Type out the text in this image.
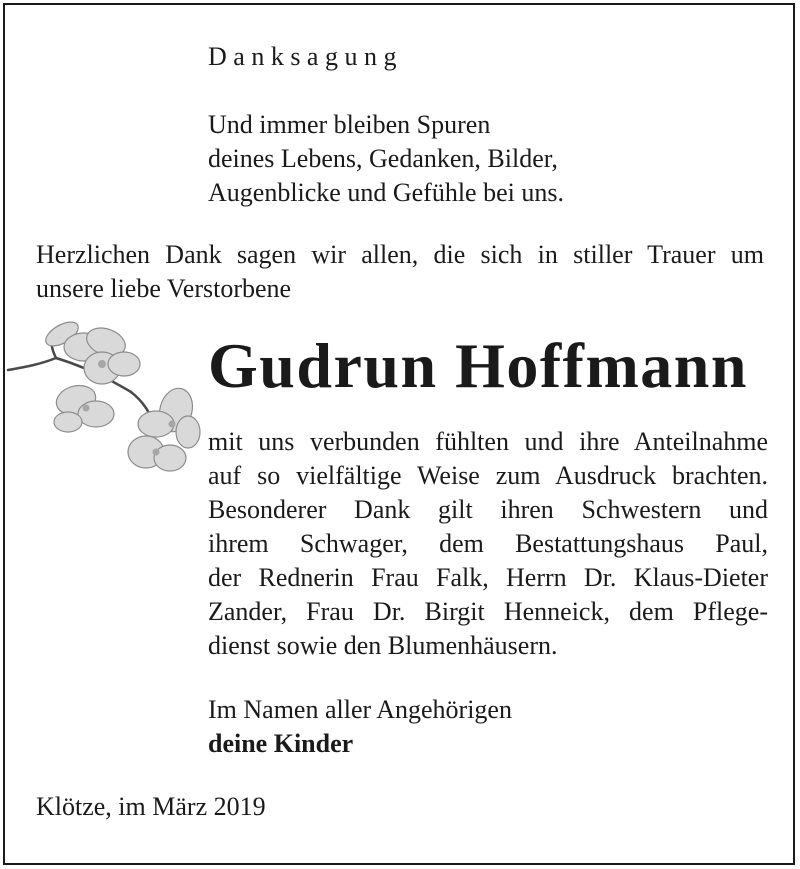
Danksagung

Und immer bleiben Spuren
deines Lebens, Gedanken, Bilder,
Augenblicke und Gefühle bei uns.
Herzlichen Dank sagen wir allen, die sich in stiller Trauer um
unsere liebe Verstorbene
Gudrun Hoffmann
mit uns verbunden fühlten und ihre Anteilnahme
auf so vielfältige Weise zum Ausdruck brachten.
Besonderer Dank gilt ihren Schwestern und
ihrem Schwager, dem Bestattungshaus Paul,
der Rednerin Frau Falk, Herrn Dr. Klaus-Dieter
Zander, Frau Dr. Birgit Henneick, dem Pflege-
dienst sowie den Blumenhäusern.
Im Namen aller Angehörigen
deine Kinder

Klötze, im März 2019
